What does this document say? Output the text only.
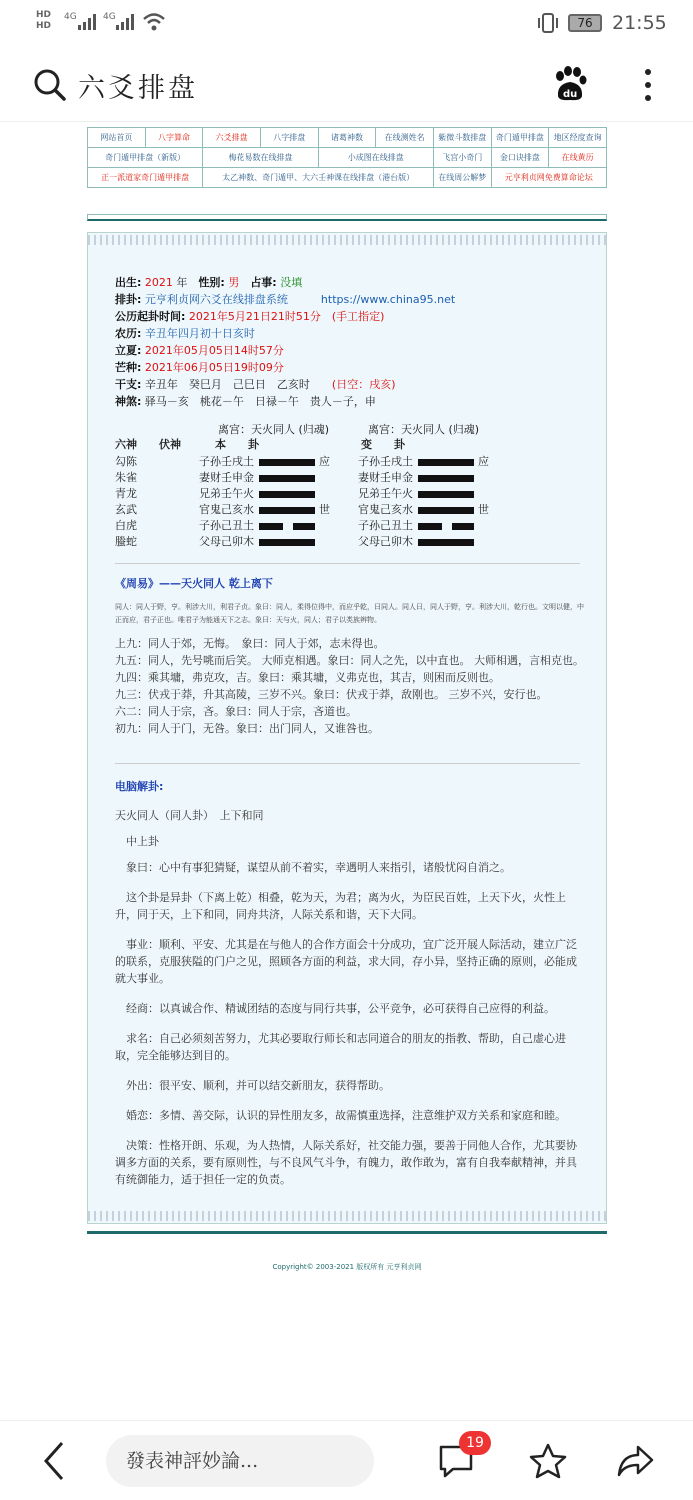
HD
HD
4G	4G	76	21:55
六爻排盘	du
网站首页	八字算命	六爻排盘	八字排盘	诸葛神数	在线测姓名	紫微斗数排盘	奇门遁甲排盘	地区经度查询
奇门遁甲排盘（新版）		梅花易数在线排盘		小成图在线排盘		飞宫小奇门	金口诀排盘	在线黄历
正一派道家奇门遁甲排盘		太乙神数、奇门遁甲、大六壬神课在线排盘（港台版）				在线周公解梦	元亨利贞网免费算命论坛	
出生: 2021 年　 性别: 男　 占事: 没填
排卦: 元亨利贞网六爻在线排盘系统　　　	https://www.china95.net
公历起卦时间: 2021年5月21日21时51分　 (手工指定)
农历: 辛丑年四月初十日亥时
立夏: 2021年05月05日14时57分
芒种: 2021年06月05日19时09分
干支: 辛丑年　癸巳月　己巳日　乙亥时　　 (日空：戌亥)
神煞: 驿马－亥　桃花－午　日禄－午　贵人－子，申
离宫：天火同人 (归魂)	离宫：天火同人 (归魂)
六神 伏神	本　　卦	变　　卦
勾陈	子孙壬戌土	应	子孙壬戌土	应
朱雀	妻财壬申金	妻财壬申金
青龙	兄弟壬午火	兄弟壬午火
玄武	官鬼己亥水	世	官鬼己亥水	世
白虎	子孙己丑土	子孙己丑土
螣蛇	父母己卯木	父母己卯木
《周易》——天火同人 乾上离下
同人：同人于野，亨。利涉大川，利君子贞。象曰：同人，柔得位得中，而应乎乾，曰同人。同人曰，同人于野，亨。利涉大川，乾行也。文明以健，中正而应，君子正也。唯君子为能通天下之志。象曰：天与火，同人；君子以类族辨物。
上九：同人于郊，无悔。　象曰：同人于郊，志未得也。
九五：同人，先号咷而后笑。 大师克相遇。象曰：同人之先，以中直也。 大师相遇，言相克也。
九四：乘其墉，弗克攻，吉。象曰：乘其墉，义弗克也，其吉，则困而反则也。
九三：伏戎于莽，升其高陵，三岁不兴。象曰：伏戎于莽，敌刚也。 三岁不兴，安行也。
六二：同人于宗，吝。象曰：同人于宗，吝道也。
初九：同人于门，无咎。象曰：出门同人，又谁咎也。
电脑解卦:
天火同人（同人卦）　上下和同
中上卦
象曰：心中有事犯猜疑，谋望从前不着实，幸遇明人来指引，诸般忧闷自消之。
这个卦是异卦（下离上乾）相叠，乾为天，为君；离为火，为臣民百姓，上天下火，火性上升，同于天，上下和同，同舟共济，人际关系和谐，天下大同。
事业：顺利、平安、尤其是在与他人的合作方面会十分成功，宜广泛开展人际活动，建立广泛的联系，克服狭隘的门户之见，照顾各方面的利益，求大同，存小异，坚持正确的原则，必能成就大事业。
经商：以真诚合作、精诚团结的态度与同行共事，公平竞争，必可获得自己应得的利益。
求名：自己必须刻苦努力，尤其必要取行师长和志同道合的朋友的指教、帮助，自己虚心进取，完全能够达到目的。
外出：很平安、顺利，并可以结交新朋友，获得帮助。
婚恋：多情、善交际，认识的异性朋友多，故需慎重选择，注意维护双方关系和家庭和睦。
决策：性格开朗、乐观，为人热情，人际关系好，社交能力强，要善于同他人合作，尤其要协调多方面的关系，要有原则性，与不良风气斗争，有魄力，敢作敢为，富有自我奉献精神，并具有统御能力，适于担任一定的负责。
Copyright© 2003-2021 版权所有 元亨利贞网
發表神評妙論...
19
